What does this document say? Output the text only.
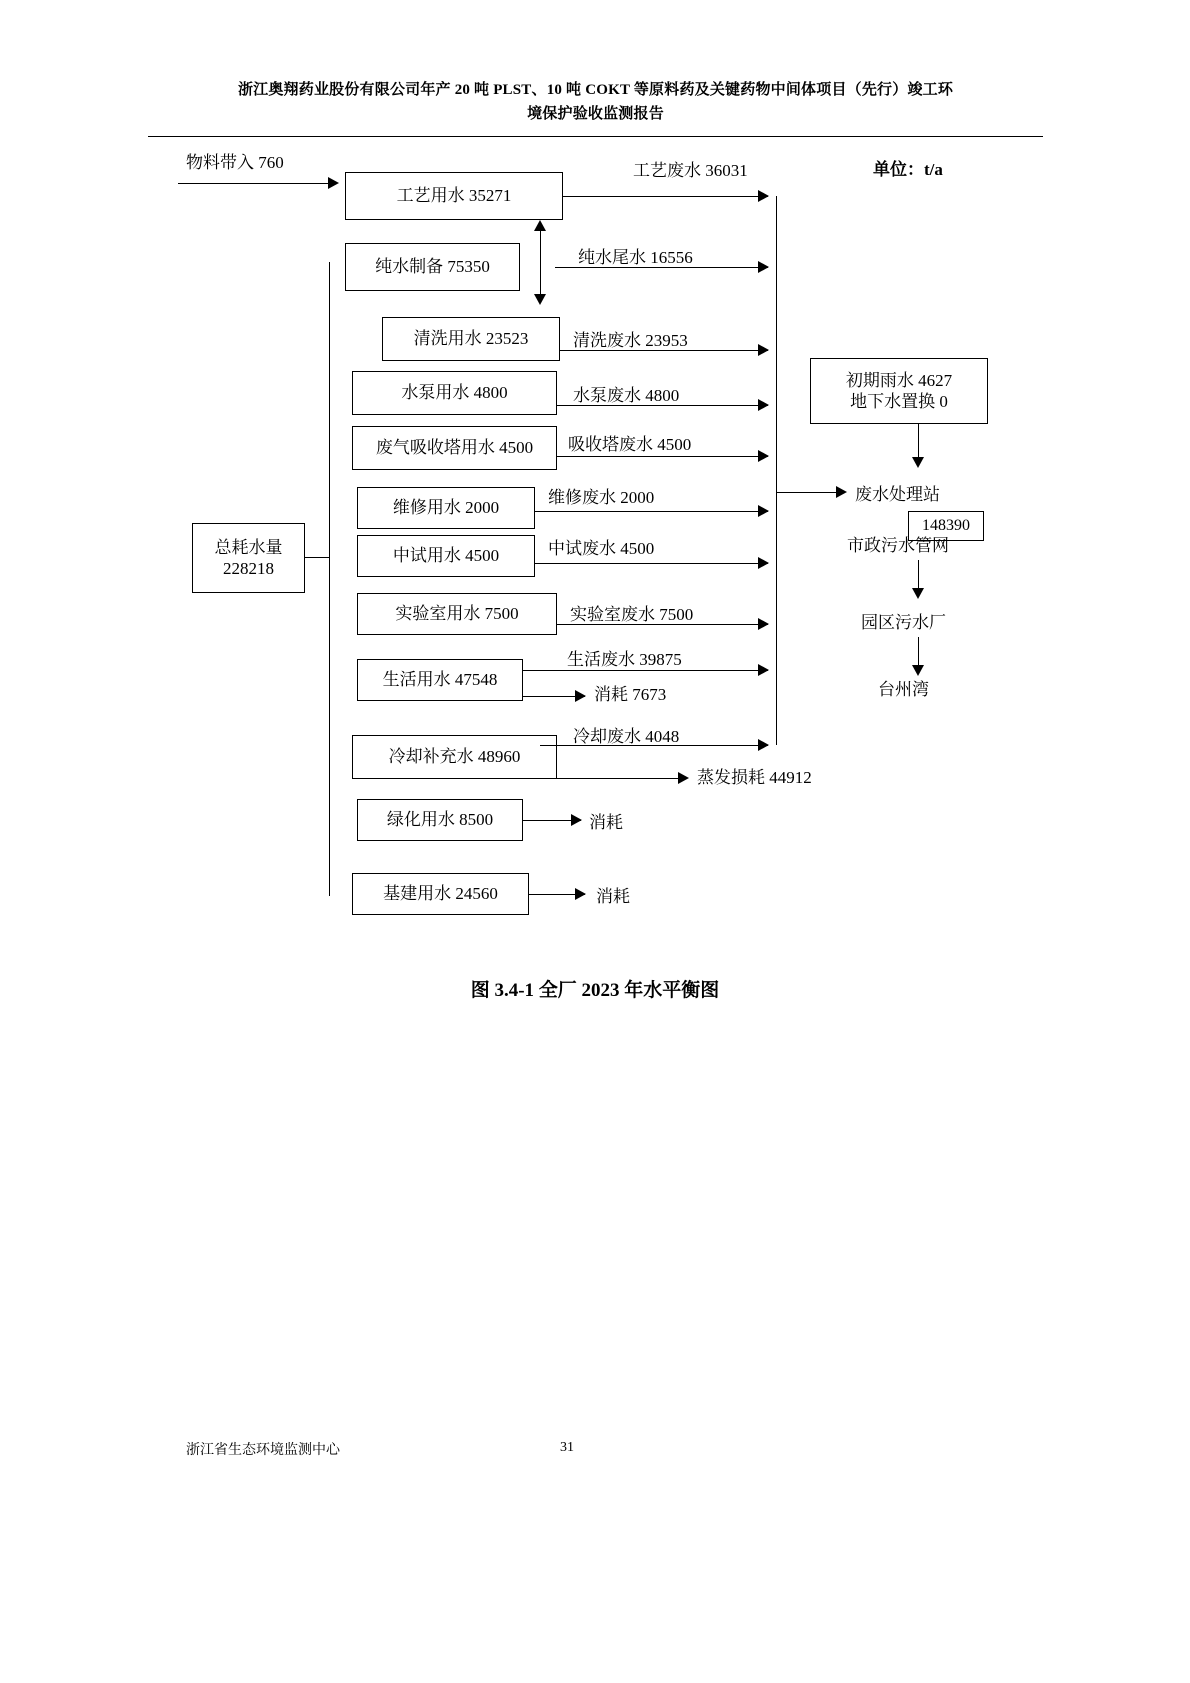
浙江奥翔药业股份有限公司年产 20 吨 PLST、10 吨 COKT 等原料药及关键药物中间体项目（先行）竣工环
境保护验收监测报告
单位：t/a
物料带入 760
总耗水量
228218
工艺用水 35271
工艺废水 36031
纯水制备 75350	纯水尾水 16556
清洗用水 23523	清洗废水 23953
水泵用水 4800	水泵废水 4800
废气吸收塔用水 4500 吸收塔废水 4500
维修用水 2000
维修废水 2000
中试用水 4500	中试废水 4500
实验室用水 7500	实验室废水 7500
生活用水 47548
生活废水 39875
消耗 7673
冷却补充水 48960
冷却废水 4048
蒸发损耗 44912
绿化用水 8500	消耗
基建用水 24560	消耗
初期雨水 4627
地下水置换 0
废水处理站
148390
市政污水管网
园区污水厂
台州湾
图 3.4-1 全厂 2023 年水平衡图
浙江省生态环境监测中心	31
